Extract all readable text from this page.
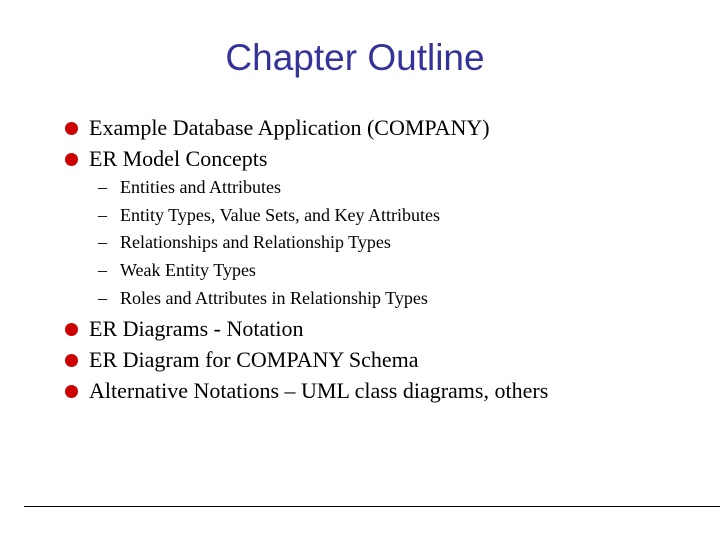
Chapter Outline
Example Database Application (COMPANY)
ER Model Concepts
– Entities and Attributes
– Entity Types, Value Sets, and Key Attributes
– Relationships and Relationship Types
– Weak Entity Types
– Roles and Attributes in Relationship Types
ER Diagrams - Notation
ER Diagram for COMPANY Schema
Alternative Notations – UML class diagrams, others
